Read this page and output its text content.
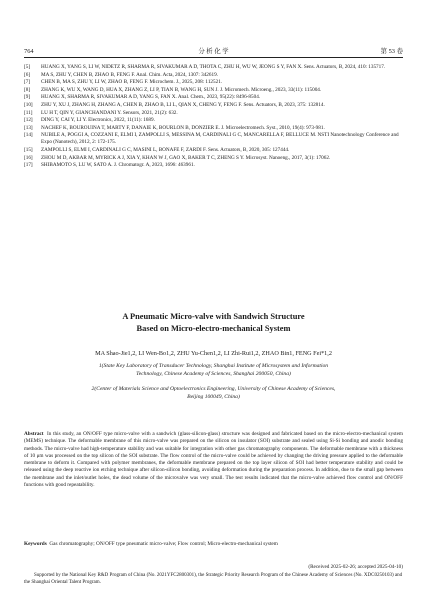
764	分 析 化 学	第 53 卷
[5]	HUANG X, YANG S, LI W, NIDETZ R, SHARMA R, SIVAKUMAR A D, THOTA C, ZHU H, WU W, JEONG S Y, FAN X. Sens. Actuators, B, 2024, 410: 135717.
[6]	MA S, ZHU Y, CHEN B, ZHAO B, FENG F. Anal. Chim. Acta, 2024, 1307: 342619.
[7]	CHEN B, MA S, ZHU Y, LI W, ZHAO B, FENG F. Microchem. J., 2025, 208: 112521.
[8]	ZHANG K, WU X, WANG D, HUA X, ZHANG Z, LI P, TIAN B, WANG H, SUN J. J. Micromech. Microeng., 2023, 33(11): 115004.
[9]	HUANG X, SHARMA R, SIVAKUMAR A D, YANG S, FAN X. Anal. Chem., 2023, 95(22): 8496-8504.
[10]	ZHU Y, XU J, ZHANG H, ZHANG A, CHEN B, ZHAO B, LI L, QIAN X, CHENG Y, FENG F. Sens. Actuators, B, 2023, 375: 132814.
[11]	LU H T, QIN Y, GIANCHANDANI Y. Sensors, 2021, 21(2): 632.
[12]	DING Y, CAI Y, LI Y. Electronics, 2022, 11(11): 1689.
[13]	NACHEF K, BOUROUINA T, MARTY F, DANAIE K, BOURLON B, DONZIER E. J. Microelectromech. Syst., 2010, 19(4): 973-981.
[14]	NUBILE A, POGGI A, COZZANI E, ELMI I, ZAMPOLLI S, MESSINA M, CARDINALI G C, MANCARELLA F, BELLUCE M. NSTI Nanotechnology Conference and Expo (Nanotech), 2012, 2: 172-175.
[15]	ZAMPOLLI S, ELMI I, CARDINALI G C, MASINI L, BONAFE F, ZARDI F. Sens. Actuators, B, 2020, 305: 127444.
[16]	ZHOU M D, AKBAR M, MYRICK A J, XIA Y, KHAN W J, GAO X, BAKER T C, ZHENG S Y. Microsyst. Nanoeng., 2017, 3(1): 17062.
[17]	SHIBAMOTO S, LU W, SATO A. J. Chromatogr. A, 2023, 1696: 463961.
A Pneumatic Micro-valve with Sandwich Structure
Based on Micro-electro-mechanical System
MA Shao-Jie1,2, LI Wen-Bo1,2, ZHU Yu-Chen1,2, LI Zhi-Rui1,2, ZHAO Bin1, FENG Fei*1,2
1(State Key Laboratory of Transducer Technology, Shanghai Institute of Microsystem and Information
Technology, Chinese Academy of Sciences, Shanghai 200050, China)
2(Center of Materials Science and Optoelectronics Engineering, University of Chinese Academy of Sciences,
Beijing 100049, China)
Abstract In this study, an ON/OFF type micro-valve with a sandwich (glass-silicon-glass) structure was designed and fabricated based on the micro-electro-mechanical system (MEMS) technique. The deformable membrane of this micro-valve was prepared on the silicon on insulator (SOI) substrate and sealed using Si-Si bonding and anodic bonding methods. The micro-valve had high-temperature stability and was suitable for integration with other gas chromatography components. The deformable membrane with a thickness of 10 μm was processed on the top silicon of the SOI substrate. The flow control of the micro-valve could be achieved by changing the driving pressure applied to the deformable membrane to deform it. Compared with polymer membranes, the deformable membrane prepared on the top layer silicon of SOI had better temperature stability and could be released using the deep reactive ion etching technique after silicon-silicon bonding, avoiding deformation during the preparation process. In addition, due to the small gap between the membrane and the inlet/outlet holes, the dead volume of the microvalve was very small. The test results indicated that the micro-valve achieved flow control and ON/OFF functions with good repeatability.
Keywords Gas chromatography; ON/OFF type pneumatic micro-valve; Flow control; Micro-electro-mechanical system
(Received 2025-02-26; accepted 2025-04-10)
Supported by the National Key R&D Program of China (No. 2021YFC2800301), the Strategic Priority Research Program of the Chinese Academy of Sciences (No. XDC0250103) and the Shanghai Oriental Talent Program.
